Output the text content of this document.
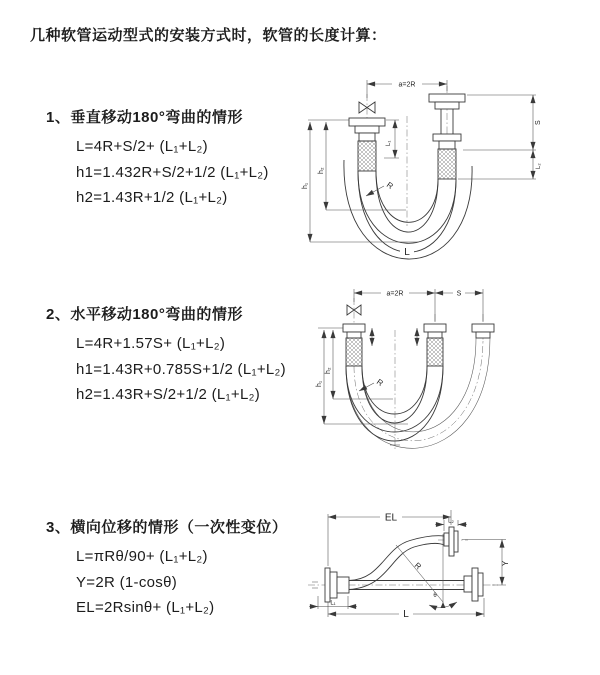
几种软管运动型式的安装方式时，软管的长度计算：
1、垂直移动180°弯曲的情形
L=4R+S/2+ (L₁+L₂)
h1=1.432R+S/2+1/2 (L₁+L₂)
h2=1.43R+1/2 (L₁+L₂)
2、水平移动180°弯曲的情形
L=4R+1.57S+ (L₁+L₂)
h1=1.43R+0.785S+1/2 (L₁+L₂)
h2=1.43R+S/2+1/2 (L₁+L₂)
3、横向位移的情形（一次性变位）
L=πRθ/90+ (L₁+L₂)
Y=2R (1-cosθ)
EL=2Rsinθ+ (L₁+L₂)
a=2R
L₁
h₁
h₂
S
L₂
R
L
a=2R	S
h₁
h₂
R
R
θ
EL	L₂
Y
L₁
L
